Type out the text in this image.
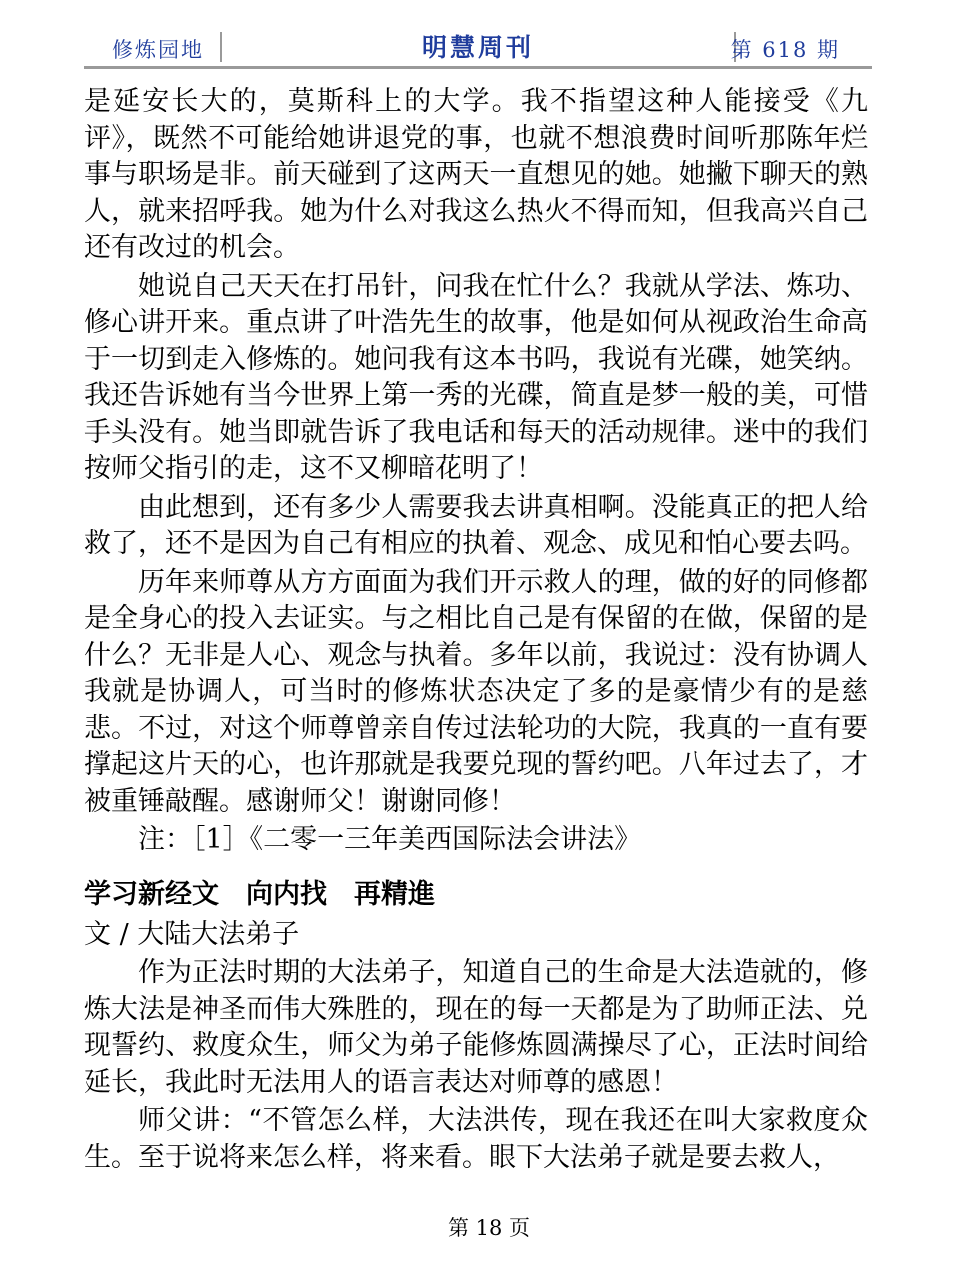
修炼园地	明慧周刊	第 618 期

是延安长大的，莫斯科上的大学。我不指望这种人能接受《九评》，既然不可能给她讲退党的事，也就不想浪费时间听那陈年烂事与职场是非。前天碰到了这两天一直想见的她。她撇下聊天的熟人，就来招呼我。她为什么对我这么热火不得而知，但我高兴自己还有改过的机会。

她说自己天天在打吊针，问我在忙什么？我就从学法、炼功、修心讲开来。重点讲了叶浩先生的故事，他是如何从视政治生命高于一切到走入修炼的。她问我有这本书吗，我说有光碟，她笑纳。我还告诉她有当今世界上第一秀的光碟，简直是梦一般的美，可惜手头没有。她当即就告诉了我电话和每天的活动规律。迷中的我们按师父指引的走，这不又柳暗花明了！

由此想到，还有多少人需要我去讲真相啊。没能真正的把人给救了，还不是因为自己有相应的执着、观念、成见和怕心要去吗。

历年来师尊从方方面面为我们开示救人的理，做的好的同修都是全身心的投入去证实。与之相比自己是有保留的在做，保留的是什么？无非是人心、观念与执着。多年以前，我说过：没有协调人我就是协调人，可当时的修炼状态决定了多的是豪情少有的是慈悲。不过，对这个师尊曾亲自传过法轮功的大院，我真的一直有要撑起这片天的心，也许那就是我要兑现的誓约吧。八年过去了，才被重锤敲醒。感谢师父！谢谢同修！

注：［1］《二零一三年美西国际法会讲法》

学习新经文　向内找　再精進

文 / 大陆大法弟子

作为正法时期的大法弟子，知道自己的生命是大法造就的，修炼大法是神圣而伟大殊胜的，现在的每一天都是为了助师正法、兑现誓约、救度众生，师父为弟子能修炼圆满操尽了心，正法时间给延长，我此时无法用人的语言表达对师尊的感恩！

师父讲：“不管怎么样，大法洪传，现在我还在叫大家救度众生。至于说将来怎么样，将来看。眼下大法弟子就是要去救人，

第 18 页
